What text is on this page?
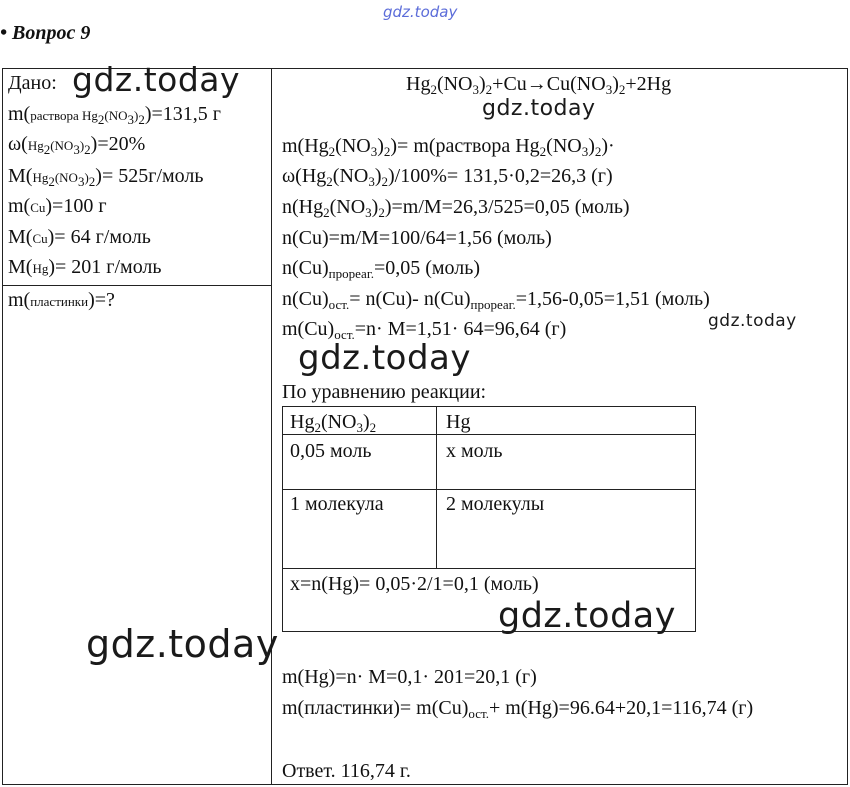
• Вопрос 9
Дано:
m(раствора $Hg_2(NO_3)_2)=131,5$ г
$\omega(Hg_2(NO_3)_2)=20\%$
$M(Hg_2(NO_3)_2)=$ 525г/моль
m(Cu)=100 г
M(Cu)= 64 г/моль
M(Hg)= 201 г/моль
m(пластинки)=?
$Hg_2(NO_3)_2+Cu\to Cu(NO_3)_2+2Hg$
$m(Hg_2(NO_3)_2)=$ m(раствора $Hg_2(NO_3)_2)\cdot$
$\omega(Hg_2(NO_3)_2)/100\%= 131,5\cdot 0,2=26,3$ (г)
$n(Hg_2(NO_3)_2)=m/M=26,3/525=0,05$ (моль)
n(Cu)=m/M=100/64=1,56 (моль)
$n(Cu)_{прореаг.}=0,05$ (моль)
$n(Cu)_{ост.}= n(Cu)-$ $n(Cu)_{прореаг.}=1,56-0,05=1,51$ (моль)
$m(Cu)_{ост.}=n\cdot M=1,51\cdot 64=96,64$ (г)
По уравнению реакции:
$Hg_2(NO_3)_2$	Hg
0,05 моль	x моль
1 молекула	2 молекулы
x=n(Hg)= 0,05·2/1=0,1 (моль)
m(Hg)=n· M=0,1· 201=20,1 (г)
m(пластинки)= $m(Cu)_{ост.}+ m(Hg)=96.64+20,1=116,74$ (г)
Ответ. 116,74 г.
gdz.today
gdz.today
gdz.today
gdz.today
gdz.today
gdz.today
gdz.today
